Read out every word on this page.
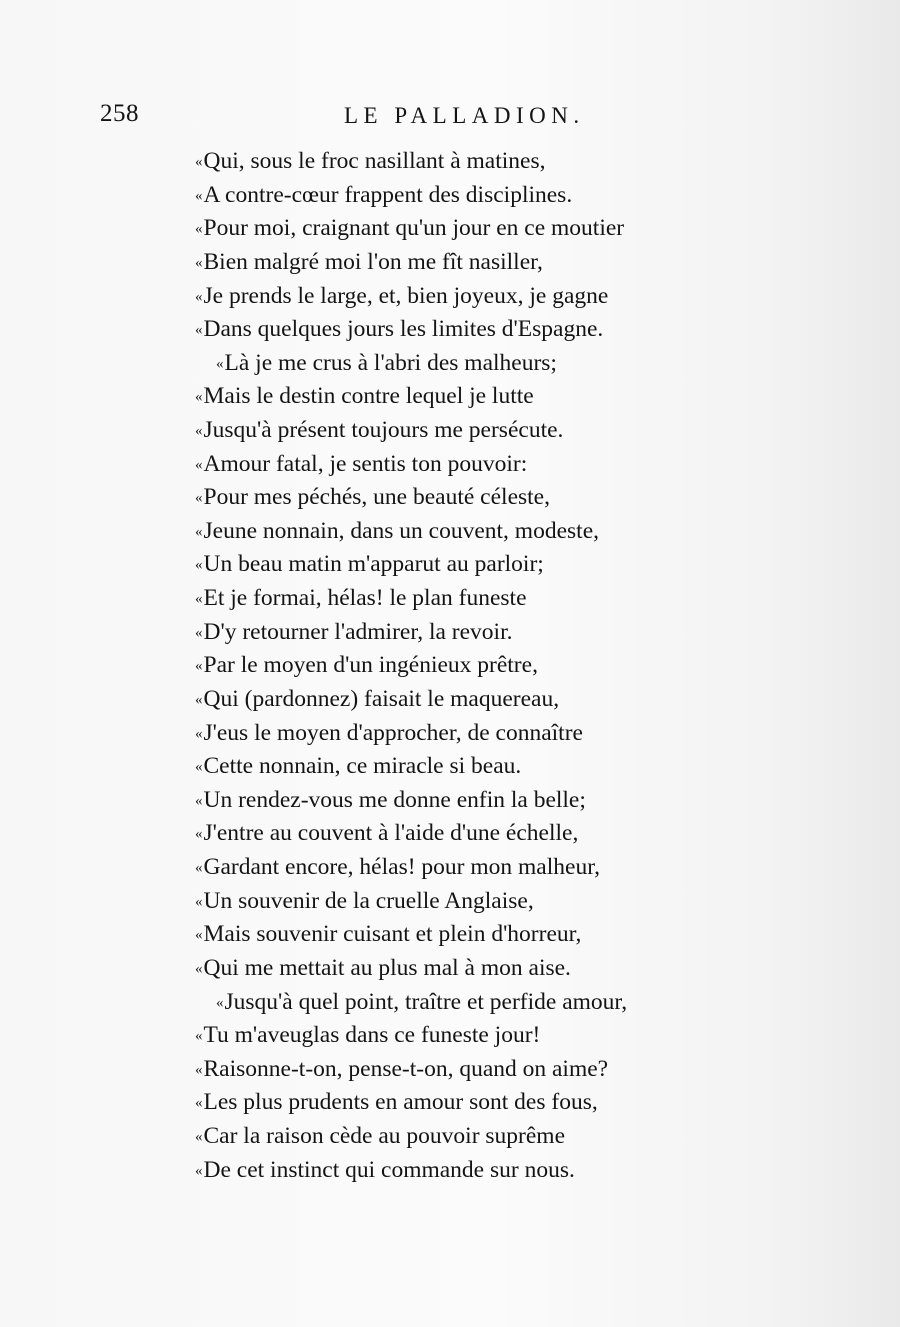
258	LE PALLADION.
«Qui, sous le froc nasillant à matines,
«A contre-cœur frappent des disciplines.
«Pour moi, craignant qu'un jour en ce moutier
«Bien malgré moi l'on me fît nasiller,
«Je prends le large, et, bien joyeux, je gagne
«Dans quelques jours les limites d'Espagne.
«Là je me crus à l'abri des malheurs;
«Mais le destin contre lequel je lutte
«Jusqu'à présent toujours me persécute.
«Amour fatal, je sentis ton pouvoir:
«Pour mes péchés, une beauté céleste,
«Jeune nonnain, dans un couvent, modeste,
«Un beau matin m'apparut au parloir;
«Et je formai, hélas! le plan funeste
«D'y retourner l'admirer, la revoir.
«Par le moyen d'un ingénieux prêtre,
«Qui (pardonnez) faisait le maquereau,
«J'eus le moyen d'approcher, de connaître
«Cette nonnain, ce miracle si beau.
«Un rendez-vous me donne enfin la belle;
«J'entre au couvent à l'aide d'une échelle,
«Gardant encore, hélas! pour mon malheur,
«Un souvenir de la cruelle Anglaise,
«Mais souvenir cuisant et plein d'horreur,
«Qui me mettait au plus mal à mon aise.
«Jusqu'à quel point, traître et perfide amour,
«Tu m'aveuglas dans ce funeste jour!
«Raisonne-t-on, pense-t-on, quand on aime?
«Les plus prudents en amour sont des fous,
«Car la raison cède au pouvoir suprême
«De cet instinct qui commande sur nous.
